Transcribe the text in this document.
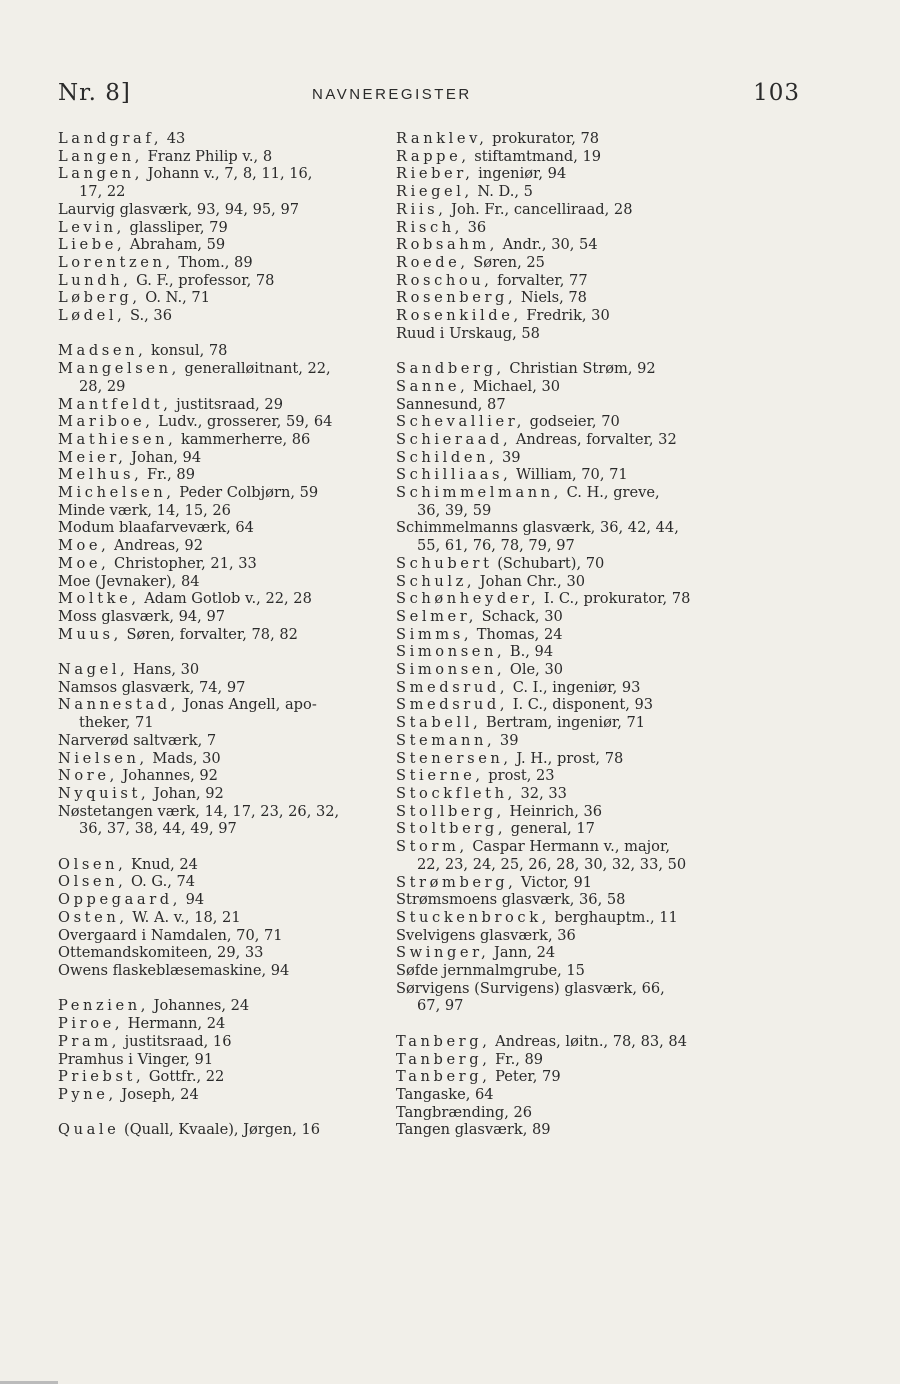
Nr. 8]	NAVNEREGISTER	103
Landgraf, 43
Langen, Franz Philip v., 8
Langen, Johann v., 7, 8, 11, 16,
17, 22
Laurvig glasværk, 93, 94, 95, 97
Levin, glassliper, 79
Liebe, Abraham, 59
Lorentzen, Thom., 89
Lundh, G. F., professor, 78
Løberg, O. N., 71
Lødel, S., 36
Madsen, konsul, 78
Mangelsen, generalløitnant, 22,
28, 29
Mantfeldt, justitsraad, 29
Mariboe, Ludv., grosserer, 59, 64
Mathiesen, kammerherre, 86
Meier, Johan, 94
Melhus, Fr., 89
Michelsen, Peder Colbjørn, 59
Minde værk, 14, 15, 26
Modum blaafarveværk, 64
Moe, Andreas, 92
Moe, Christopher, 21, 33
Moe (Jevnaker), 84
Moltke, Adam Gotlob v., 22, 28
Moss glasværk, 94, 97
Muus, Søren, forvalter, 78, 82
Nagel, Hans, 30
Namsos glasværk, 74, 97
Nannestad, Jonas Angell, apo-
theker, 71
Narverød saltværk, 7
Nielsen, Mads, 30
Nore, Johannes, 92
Nyquist, Johan, 92
Nøstetangen værk, 14, 17, 23, 26, 32,
36, 37, 38, 44, 49, 97
Olsen, Knud, 24
Olsen, O. G., 74
Oppegaard, 94
Osten, W. A. v., 18, 21
Overgaard i Namdalen, 70, 71
Ottemandskomiteen, 29, 33
Owens flaskeblæsemaskine, 94
Penzien, Johannes, 24
Piroe, Hermann, 24
Pram, justitsraad, 16
Pramhus i Vinger, 91
Priebst, Gottfr., 22
Pyne, Joseph, 24
Quale (Quall, Kvaale), Jørgen, 16
Ranklev, prokurator, 78
Rappe, stiftamtmand, 19
Rieber, ingeniør, 94
Riegel, N. D., 5
Riis, Joh. Fr., cancelliraad, 28
Risch, 36
Robsahm, Andr., 30, 54
Roede, Søren, 25
Roschou, forvalter, 77
Rosenberg, Niels, 78
Rosenkilde, Fredrik, 30
Ruud i Urskaug, 58
Sandberg, Christian Strøm, 92
Sanne, Michael, 30
Sannesund, 87
Schevallier, godseier, 70
Schieraad, Andreas, forvalter, 32
Schilden, 39
Schilliaas, William, 70, 71
Schimmelmann, C. H., greve,
36, 39, 59
Schimmelmanns glasværk, 36, 42, 44,
55, 61, 76, 78, 79, 97
Schubert (Schubart), 70
Schulz, Johan Chr., 30
Schønheyder, I. C., prokurator, 78
Selmer, Schack, 30
Simms, Thomas, 24
Simonsen, B., 94
Simonsen, Ole, 30
Smedsrud, C. I., ingeniør, 93
Smedsrud, I. C., disponent, 93
Stabell, Bertram, ingeniør, 71
Stemann, 39
Stenersen, J. H., prost, 78
Stierne, prost, 23
Stockfleth, 32, 33
Stollberg, Heinrich, 36
Stoltberg, general, 17
Storm, Caspar Hermann v., major,
22, 23, 24, 25, 26, 28, 30, 32, 33, 50
Strømberg, Victor, 91
Strømsmoens glasværk, 36, 58
Stuckenbrock, berghauptm., 11
Svelvigens glasværk, 36
Swinger, Jann, 24
Søfde jernmalmgrube, 15
Sørvigens (Survigens) glasværk, 66,
67, 97
Tanberg, Andreas, løitn., 78, 83, 84
Tanberg, Fr., 89
Tanberg, Peter, 79
Tangaske, 64
Tangbrænding, 26
Tangen glasværk, 89
